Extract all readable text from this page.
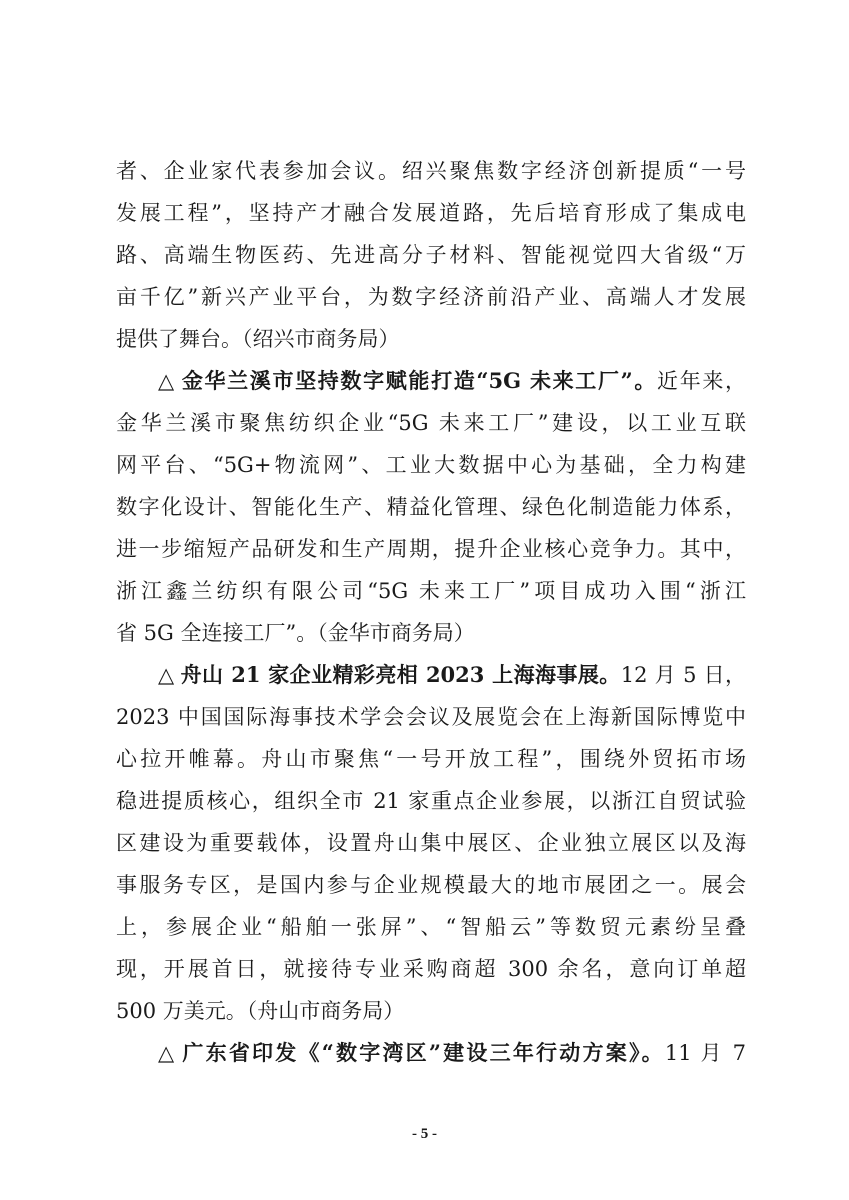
者、企业家代表参加会议。绍兴聚焦数字经济创新提质“一号
发展工程”，坚持产才融合发展道路，先后培育形成了集成电
路、高端生物医药、先进高分子材料、智能视觉四大省级“万
亩千亿”新兴产业平台，为数字经济前沿产业、高端人才发展
提供了舞台。（绍兴市商务局）
△ 金华兰溪市坚持数字赋能打造“5G 未来工厂”。近年来，
金华兰溪市聚焦纺织企业“5G 未来工厂”建设，以工业互联
网平台、“5G+物流网”、工业大数据中心为基础，全力构建
数字化设计、智能化生产、精益化管理、绿色化制造能力体系，
进一步缩短产品研发和生产周期，提升企业核心竞争力。其中，
浙江鑫兰纺织有限公司“5G 未来工厂”项目成功入围“浙江
省 5G 全连接工厂”。（金华市商务局）
△ 舟山 21 家企业精彩亮相 2023 上海海事展。12 月 5 日，
2023 中国国际海事技术学会会议及展览会在上海新国际博览中
心拉开帷幕。舟山市聚焦“一号开放工程”，围绕外贸拓市场
稳进提质核心，组织全市 21 家重点企业参展，以浙江自贸试验
区建设为重要载体，设置舟山集中展区、企业独立展区以及海
事服务专区，是国内参与企业规模最大的地市展团之一。展会
上，参展企业“船舶一张屏”、“智船云”等数贸元素纷呈叠
现，开展首日，就接待专业采购商超 300 余名，意向订单超
500 万美元。（舟山市商务局）
△ 广东省印发《“数字湾区”建设三年行动方案》。11 月 7
- 5 -
